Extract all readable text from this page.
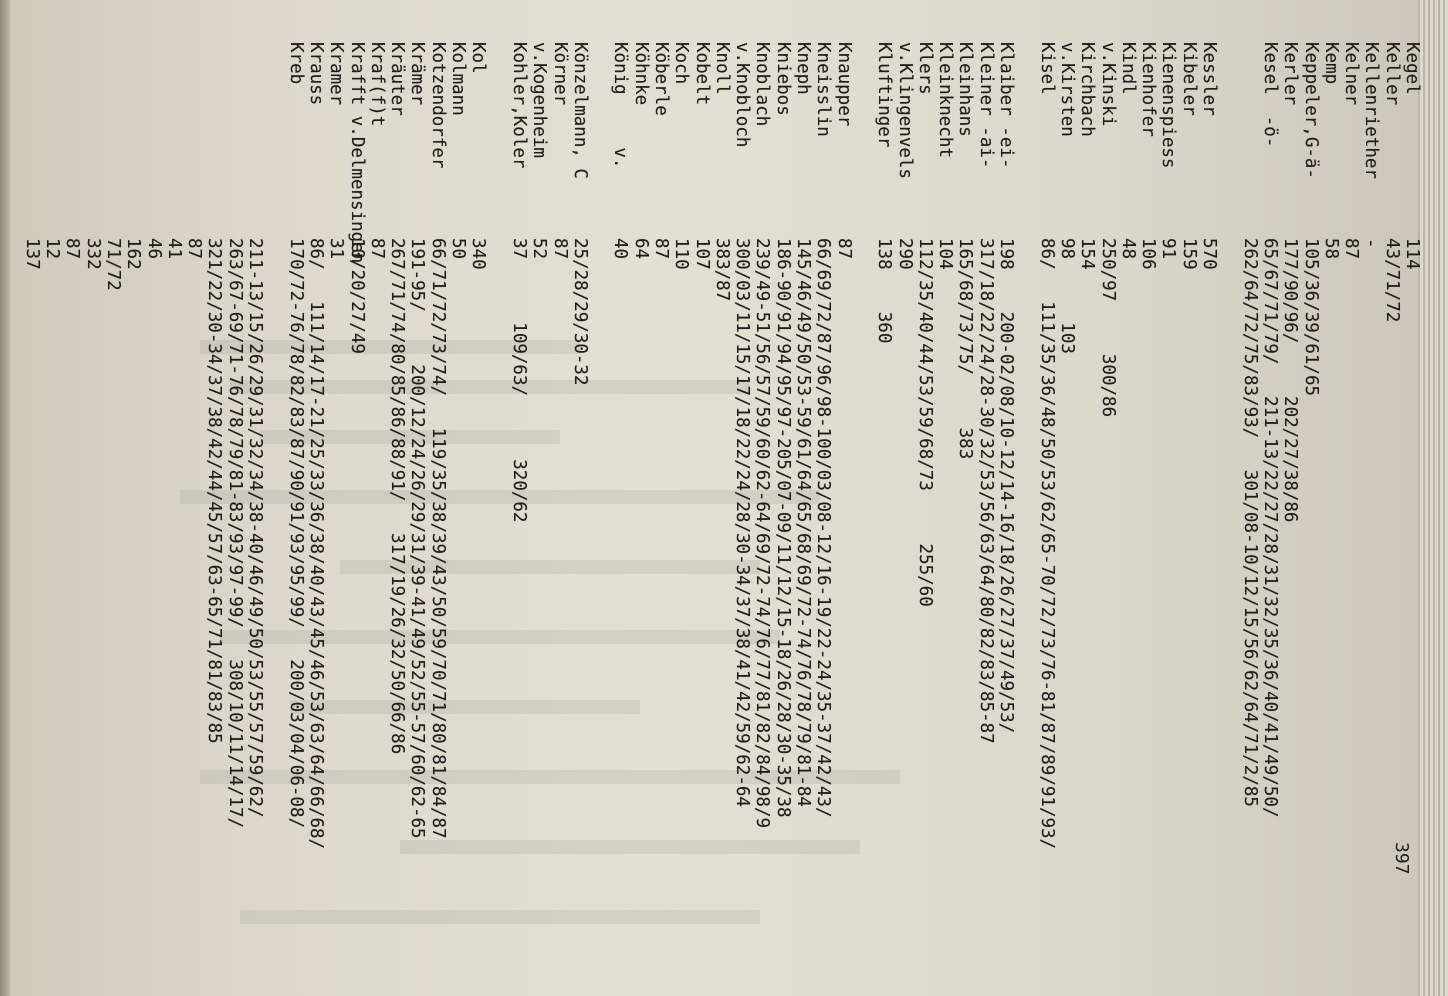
397
Kegel
114
Keller
43/71/72
Kellenriether
-
Kelner
87
Kemp
58
Keppeler,G-ä-
105/36/39/61/65
Kerler
177/90/96/     202/27/38/86
Kesel  -ö-
65/67/71/79/   211-13/22/27/28/31/32/35/36/40/41/49/50/
262/64/72/75/83/93/   301/08-10/12/15/56/62/64/71/2/85
Kessler
570
Kibeler
159
Kienenspiess
91
Kienhofer
106
Kindl
48
v.Kinski
250/97     300/86
Kirchbach
154
v.Kirsten
98      103
Kisel
86/   111/35/36/48/50/53/62/65-70/72/73/76-81/87/89/91/93/
Klaiber -ei-
198    200-02/08/10-12/14-16/18/26/27/37/49/53/
Kleiner -ai-
317/18/22/24/28-30/32/53/56/63/64/80/82/83/85-87
Kleinhans
165/68/73/75/     383
Kleinknecht
104
Klers
112/35/40/44/53/59/68/73     255/60
v.Klingenvels
290
Kluftinger
138    360
Knaupper
87
Kneisslin
66/69/72/87/96/98-100/03/08-12/16-19/22-24/35-37/42/43/
Kneph
145/46/49/50/53-59/61/64/65/68/69/72-74/76/78/79/81-84
Kniebos
186-90/91/94/95/97-205/07-09/11/12/15-18/26/28/30-35/38
Knoblach
239/49-51/56/57/59/60/62-64/69/72-74/76/77/81/82/84/98/9
v.Knobloch
300/03/11/15/17/18/22/24/28/30-34/37/38/41/42/59/62-64
Knoll
383/87
Kobelt
107
Koch
110
Köberle
87
Köhnke
64
König     v.
40
Könzelmann, C
25/28/29/30-32
Körner
87
v.Kogenheim
52
Kohler,Koler
37      109/63/      320/62
Kol
340
Kolmann
50
Kotzendorfer
66/71/72/73/74/   119/35/38/39/43/50/59/70/71/80/81/84/87
Krämer
191-95/     200/12/24/26/29/31/39-41/49/52/55-57/60/62-65
Kräuter
267/71/74/80/85/86/88/91/   317/19/26/32/50/66/86
Kraf(f)t
87
Krafft v.Delmensingen
10/20/27/49
Kramer
31
Krauss
86/   111/14/17-21/25/33/36/38/40/43/45/46/53/63/64/66/68/
Kreb
170/72-76/78/82/83/87/90/91/93/95/99/   200/03/04/06-08/
211-13/15/26/29/31/32/34/38-40/46/49/50/53/55/57/59/62/
263/67-69/71-76/78/79/81-83/93/97-99/   308/10/11/14/17/
321/22/30-34/37/38/42/44/45/57/63-65/71/81/83/85
87
41
46
162
71/72
332
87
12
137
